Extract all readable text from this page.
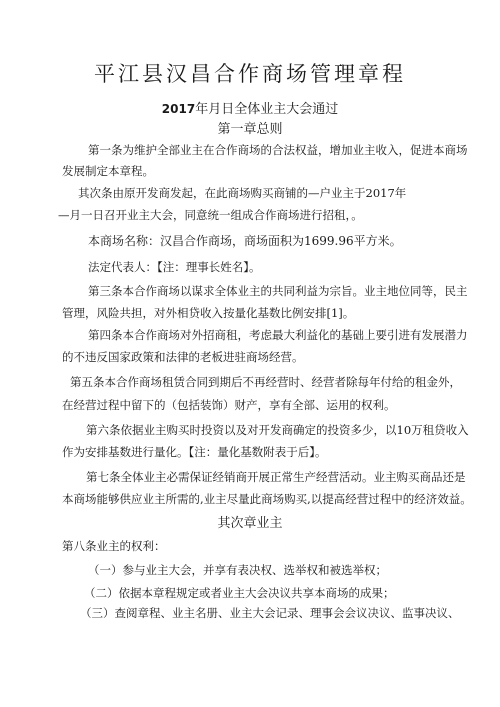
平江县汉昌合作商场管理章程
2017年月日全体业主大会通过
第一章总则
第一条为维护全部业主在合作商场的合法权益，增加业主收入，促进本商场
发展制定本章程。
其次条由原开发商发起，在此商场购买商铺的—户业主于2017年
—月一日召开业主大会，同意统一组成合作商场进行招租，。
本商场名称：汉昌合作商场，商场面积为1699.96平方米。
法定代表人：【注：理事长姓名】。
第三条本合作商场以谋求全体业主的共同利益为宗旨。业主地位同等，民主
管理，风险共担，对外相贷收入按量化基数比例安排[1]。
第四条本合作商场对外招商租，考虑最大利益化的基础上要引进有发展潜力
的不违反国家政策和法律的老板进驻商场经营。
第五条本合作商场租赁合同到期后不再经营时、经营者除每年付给的租金外，
在经营过程中留下的（包括装饰）财产，享有全部、运用的权利。
第六条依据业主购买时投资以及对开发商确定的投资多少，以10万租贷收入
作为安排基数进行量化。【注：量化基数附表于后】。
第七条全体业主必需保证经销商开展正常生产经营活动。业主购买商品还是
本商场能够供应业主所需的,业主尽量此商场购买,以提高经营过程中的经济效益。
其次章业主
第八条业主的权利：
（一）参与业主大会，并享有表决权、选举权和被选举权；
（二）依据本章程规定或者业主大会决议共享本商场的成果；
（三）查阅章程、业主名册、业主大会记录、理事会会议决议、监事决议、
